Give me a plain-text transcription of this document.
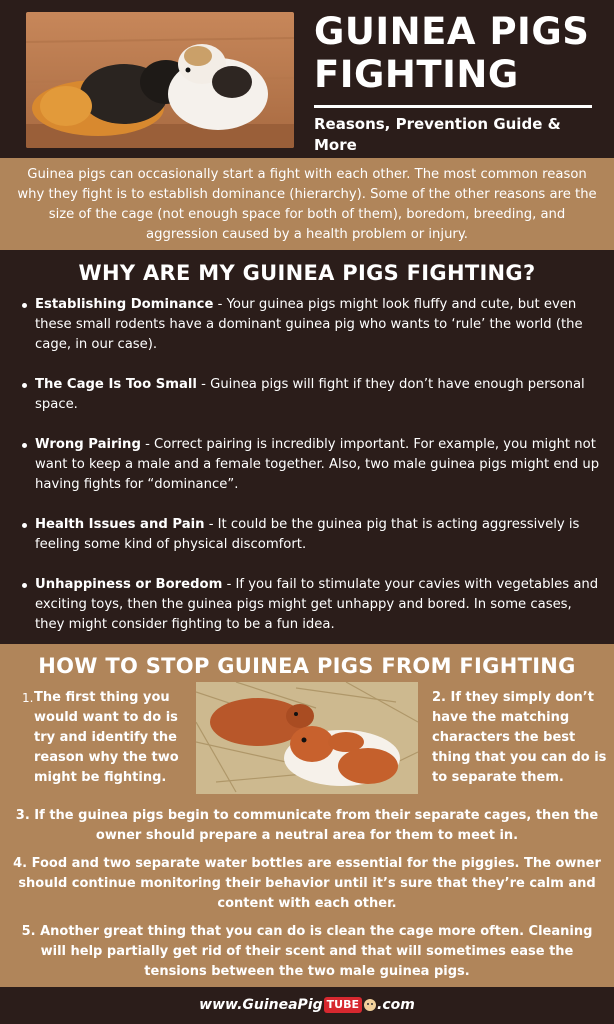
GUINEA PIGS
FIGHTING
Reasons, Prevention Guide & More
Guinea pigs can occasionally start a fight with each other. The most common reason why they fight is to establish dominance (hierarchy). Some of the other reasons are the size of the cage (not enough space for both of them), boredom, breeding, and aggression caused by a health problem or injury.
WHY ARE MY GUINEA PIGS FIGHTING?
Establishing Dominance - Your guinea pigs might look fluffy and cute, but even these small rodents have a dominant guinea pig who wants to ‘rule’ the world (the cage, in our case).
The Cage Is Too Small - Guinea pigs will fight if they don’t have enough personal space.
Wrong Pairing - Correct pairing is incredibly important. For example, you might not want to keep a male and a female together. Also, two male guinea pigs might end up having fights for “dominance”.
Health Issues and Pain - It could be the guinea pig that is acting aggressively is feeling some kind of physical discomfort.
Unhappiness or Boredom - If you fail to stimulate your cavies with vegetables and exciting toys, then the guinea pigs might get unhappy and bored. In some cases, they might consider fighting to be a fun idea.
HOW TO STOP GUINEA PIGS FROM FIGHTING
1. The first thing you would want to do is try and identify the reason why the two might be fighting.
2. If they simply don’t have the matching characters the best thing that you can do is to separate them.
3. If the guinea pigs begin to communicate from their separate cages, then the owner should prepare a neutral area for them to meet in.
4. Food and two separate water bottles are essential for the piggies. The owner should continue monitoring their behavior until it’s sure that they’re calm and content with each other.
5. Another great thing that you can do is clean the cage more often. Cleaning will help partially get rid of their scent and that will sometimes ease the tensions between the two male guinea pigs.
www.GuineaPig TUBE .com
